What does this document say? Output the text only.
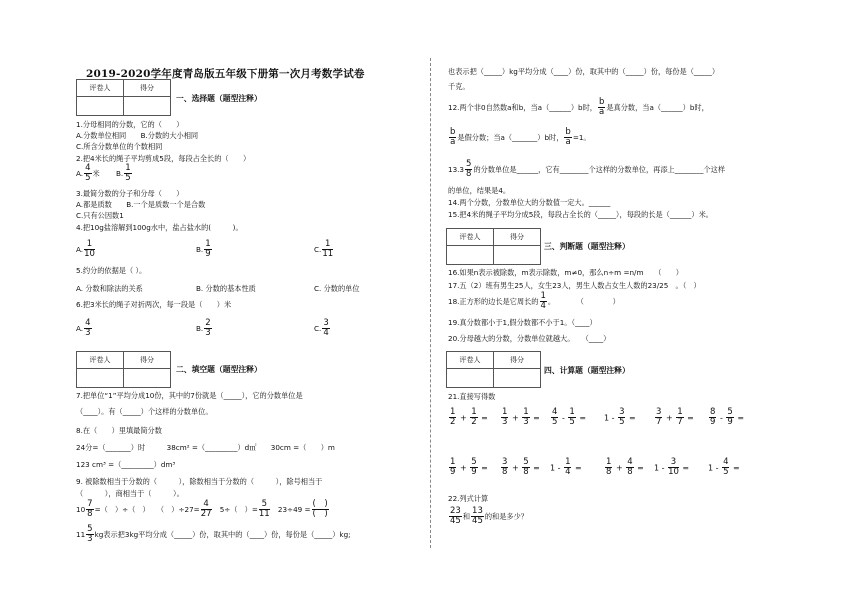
2019-2020学年度青岛版五年级下册第一次月考数学试卷
评卷人	得分

一、选择题（题型注释）
1.分母相同的分数，它的（　　）
A.分数单位相同　　B.分数的大小相同
C.所含分数单位的个数相同
2.把4米长的绳子平均剪成5段，每段占全长的（　　）
A. $\frac{4}{5}$ 米 B. $\frac{1}{5}$
3.最简分数的分子和分母（　　）
A.都是质数　　B.一个是质数一个是合数
C.只有公因数1
4.把10g盐溶解到100g水中，盐占盐水的(　　　)。
A. $\frac{1}{10}$	B. $\frac{1}{9}$	C. $\frac{1}{11}$
5.约分的依据是（ ）。
A. 分数和除法的关系	B. 分数的基本性质	C. 分数的单位
6.把3米长的绳子对折两次，每一段是（　　）米
A. $\frac{4}{3}$	B. $\frac{2}{3}$	C. $\frac{3}{4}$
评卷人	得分

二、填空题（题型注释）
7.把单位“1”平均分成10份，其中的7份就是（_____），它的分数单位是
（____）。有（_____）个这样的分数单位。
8.在（　　）里填最简分数
24分=（_______）时　　　38cm² =（_________）d㎡　　30cm =（　　）m
123 cm³ =（_________）dm³
9. 被除数相当于分数的（　　　），除数相当于分数的（　　　），除号相当于
（　　　），商相当于（　　　）。
$10 \frac{7}{8}$ =（　）÷（　）　　（　）$\div 27= \frac{4}{27}$ 　5÷（　）= $\frac{5}{11}$ 　$23\div 49 = \frac{( )}{( )}$
$11 \frac{5}{3}$ kg表示把3kg平均分成（_____）份，取其中的（____）份，每份是（_____）kg;
也表示把（_____）kg平均分成（____）份，取其中的（_____）份，每份是（_____）
千克。
12.两个非0自然数a和b，当a（______）b时， $\frac{b}{a}$ 是真分数，当a（______）b时，
$\frac{b}{a}$ 是假分数；当a（_______）b时， $\frac{b}{a} =1$。
$13.3 \frac{5}{8}$ 的分数单位是______，它有________个这样的分数单位，再添上________个这样
的单位，结果是4。
14.两个分数，分数单位大的分数值一定大。______
15.把4米的绳子平均分成5段，每段占全长的（_____），每段的长是（______）米。
评卷人	得分

三、判断题（题型注释）
16.如果n表示被除数，m表示除数，m≠0，那么n÷m =n/m　　（　　）
17.五（2）班有男生25人，女生23人，男生人数占女生人数的23/25　。（　）
18.正方形的边长是它周长的 $\frac{1}{4}$ 。　　　　（　　　　）
19.真分数都小于1,假分数都不小于1。（____）
20.分母越大的分数，分数单位就越大。　　（____）
评卷人	得分

四、计算题（题型注释）
21.直接写得数
$\frac{1}{2} + \frac{1}{2} = \frac{1}{3} + \frac{1}{3} = \frac{4}{5} - \frac{1}{5} = 1 - \frac{3}{5} = \frac{3}{7} + \frac{1}{7} = \frac{8}{9} - \frac{5}{9}$ =
$\frac{1}{9} + \frac{5}{9} = \frac{3}{8} + \frac{5}{8} = 1 - \frac{1}{4}$ =	$\frac{1}{8} + \frac{4}{8} = 1 - \frac{3}{10} = 1 - \frac{4}{5}$ =
22.列式计算
$\frac{23}{45}$ 和 $\frac{13}{45}$ 的和是多少？
